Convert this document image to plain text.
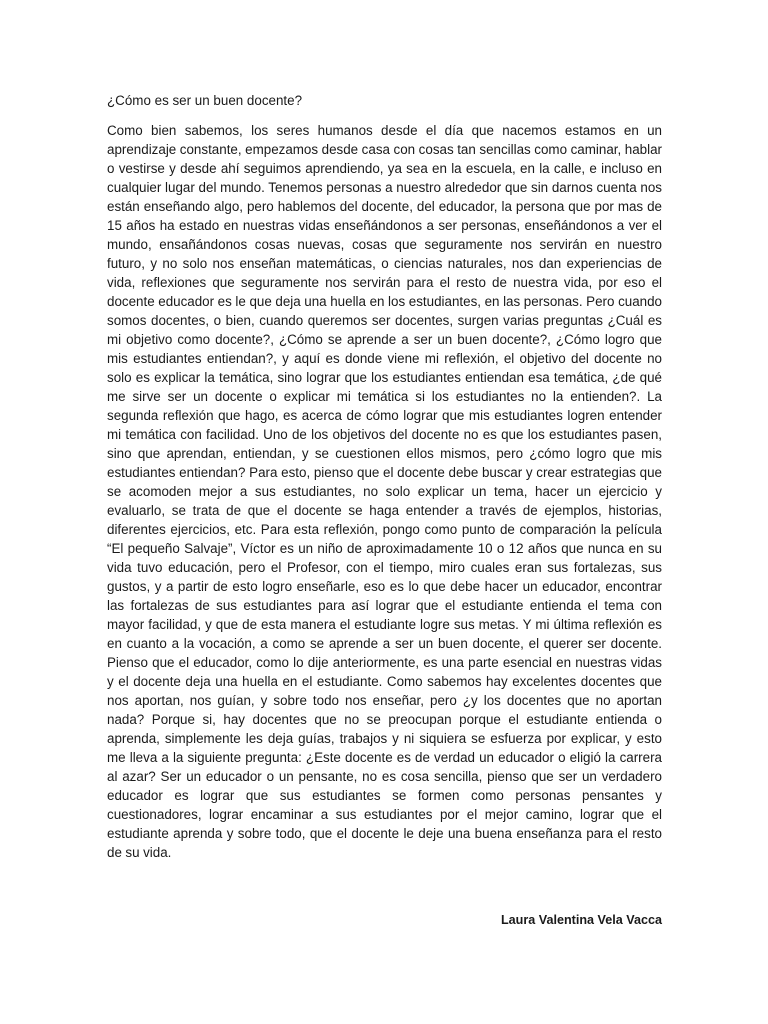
¿Cómo es ser un buen docente?
Como bien sabemos, los seres humanos desde el día que nacemos estamos en un aprendizaje constante, empezamos desde casa con cosas tan sencillas como caminar, hablar o vestirse y desde ahí seguimos aprendiendo, ya sea en la escuela, en la calle, e incluso en cualquier lugar del mundo. Tenemos personas a nuestro alrededor que sin darnos cuenta nos están enseñando algo, pero hablemos del docente, del educador, la persona que por mas de 15 años ha estado en nuestras vidas enseñándonos a ser personas, enseñándonos a ver el mundo, ensañándonos cosas nuevas, cosas que seguramente nos servirán en nuestro futuro, y no solo nos enseñan matemáticas, o ciencias naturales, nos dan experiencias de vida, reflexiones que seguramente nos servirán para el resto de nuestra vida, por eso el docente educador es le que deja una huella en los estudiantes, en las personas. Pero cuando somos docentes, o bien, cuando queremos ser docentes, surgen varias preguntas ¿Cuál es mi objetivo como docente?, ¿Cómo se aprende a ser un buen docente?, ¿Cómo logro que mis estudiantes entiendan?, y aquí es donde viene mi reflexión, el objetivo del docente no solo es explicar la temática, sino lograr que los estudiantes entiendan esa temática, ¿de qué me sirve ser un docente o explicar mi temática si los estudiantes no la entienden?. La segunda reflexión que hago, es acerca de cómo lograr que mis estudiantes logren entender mi temática con facilidad. Uno de los objetivos del docente no es que los estudiantes pasen, sino que aprendan, entiendan, y se cuestionen ellos mismos, pero ¿cómo logro que mis estudiantes entiendan? Para esto, pienso que el docente debe buscar y crear estrategias que se acomoden mejor a sus estudiantes, no solo explicar un tema, hacer un ejercicio y evaluarlo, se trata de que el docente se haga entender a través de ejemplos, historias, diferentes ejercicios, etc. Para esta reflexión, pongo como punto de comparación la película “El pequeño Salvaje”, Víctor es un niño de aproximadamente 10 o 12 años que nunca en su vida tuvo educación, pero el Profesor, con el tiempo, miro cuales eran sus fortalezas, sus gustos, y a partir de esto logro enseñarle, eso es lo que debe hacer un educador, encontrar las fortalezas de sus estudiantes para así lograr que el estudiante entienda el tema con mayor facilidad, y que de esta manera el estudiante logre sus metas. Y mi última reflexión es en cuanto a la vocación, a como se aprende a ser un buen docente, el querer ser docente. Pienso que el educador, como lo dije anteriormente, es una parte esencial en nuestras vidas y el docente deja una huella en el estudiante. Como sabemos hay excelentes docentes que nos aportan, nos guían, y sobre todo nos enseñar, pero ¿y los docentes que no aportan nada? Porque si, hay docentes que no se preocupan porque el estudiante entienda o aprenda, simplemente les deja guías, trabajos y ni siquiera se esfuerza por explicar, y esto me lleva a la siguiente pregunta: ¿Este docente es de verdad un educador o eligió la carrera al azar? Ser un educador o un pensante, no es cosa sencilla, pienso que ser un verdadero educador es lograr que sus estudiantes se formen como personas pensantes y cuestionadores, lograr encaminar a sus estudiantes por el mejor camino, lograr que el estudiante aprenda y sobre todo, que el docente le deje una buena enseñanza para el resto de su vida.
Laura Valentina Vela Vacca
